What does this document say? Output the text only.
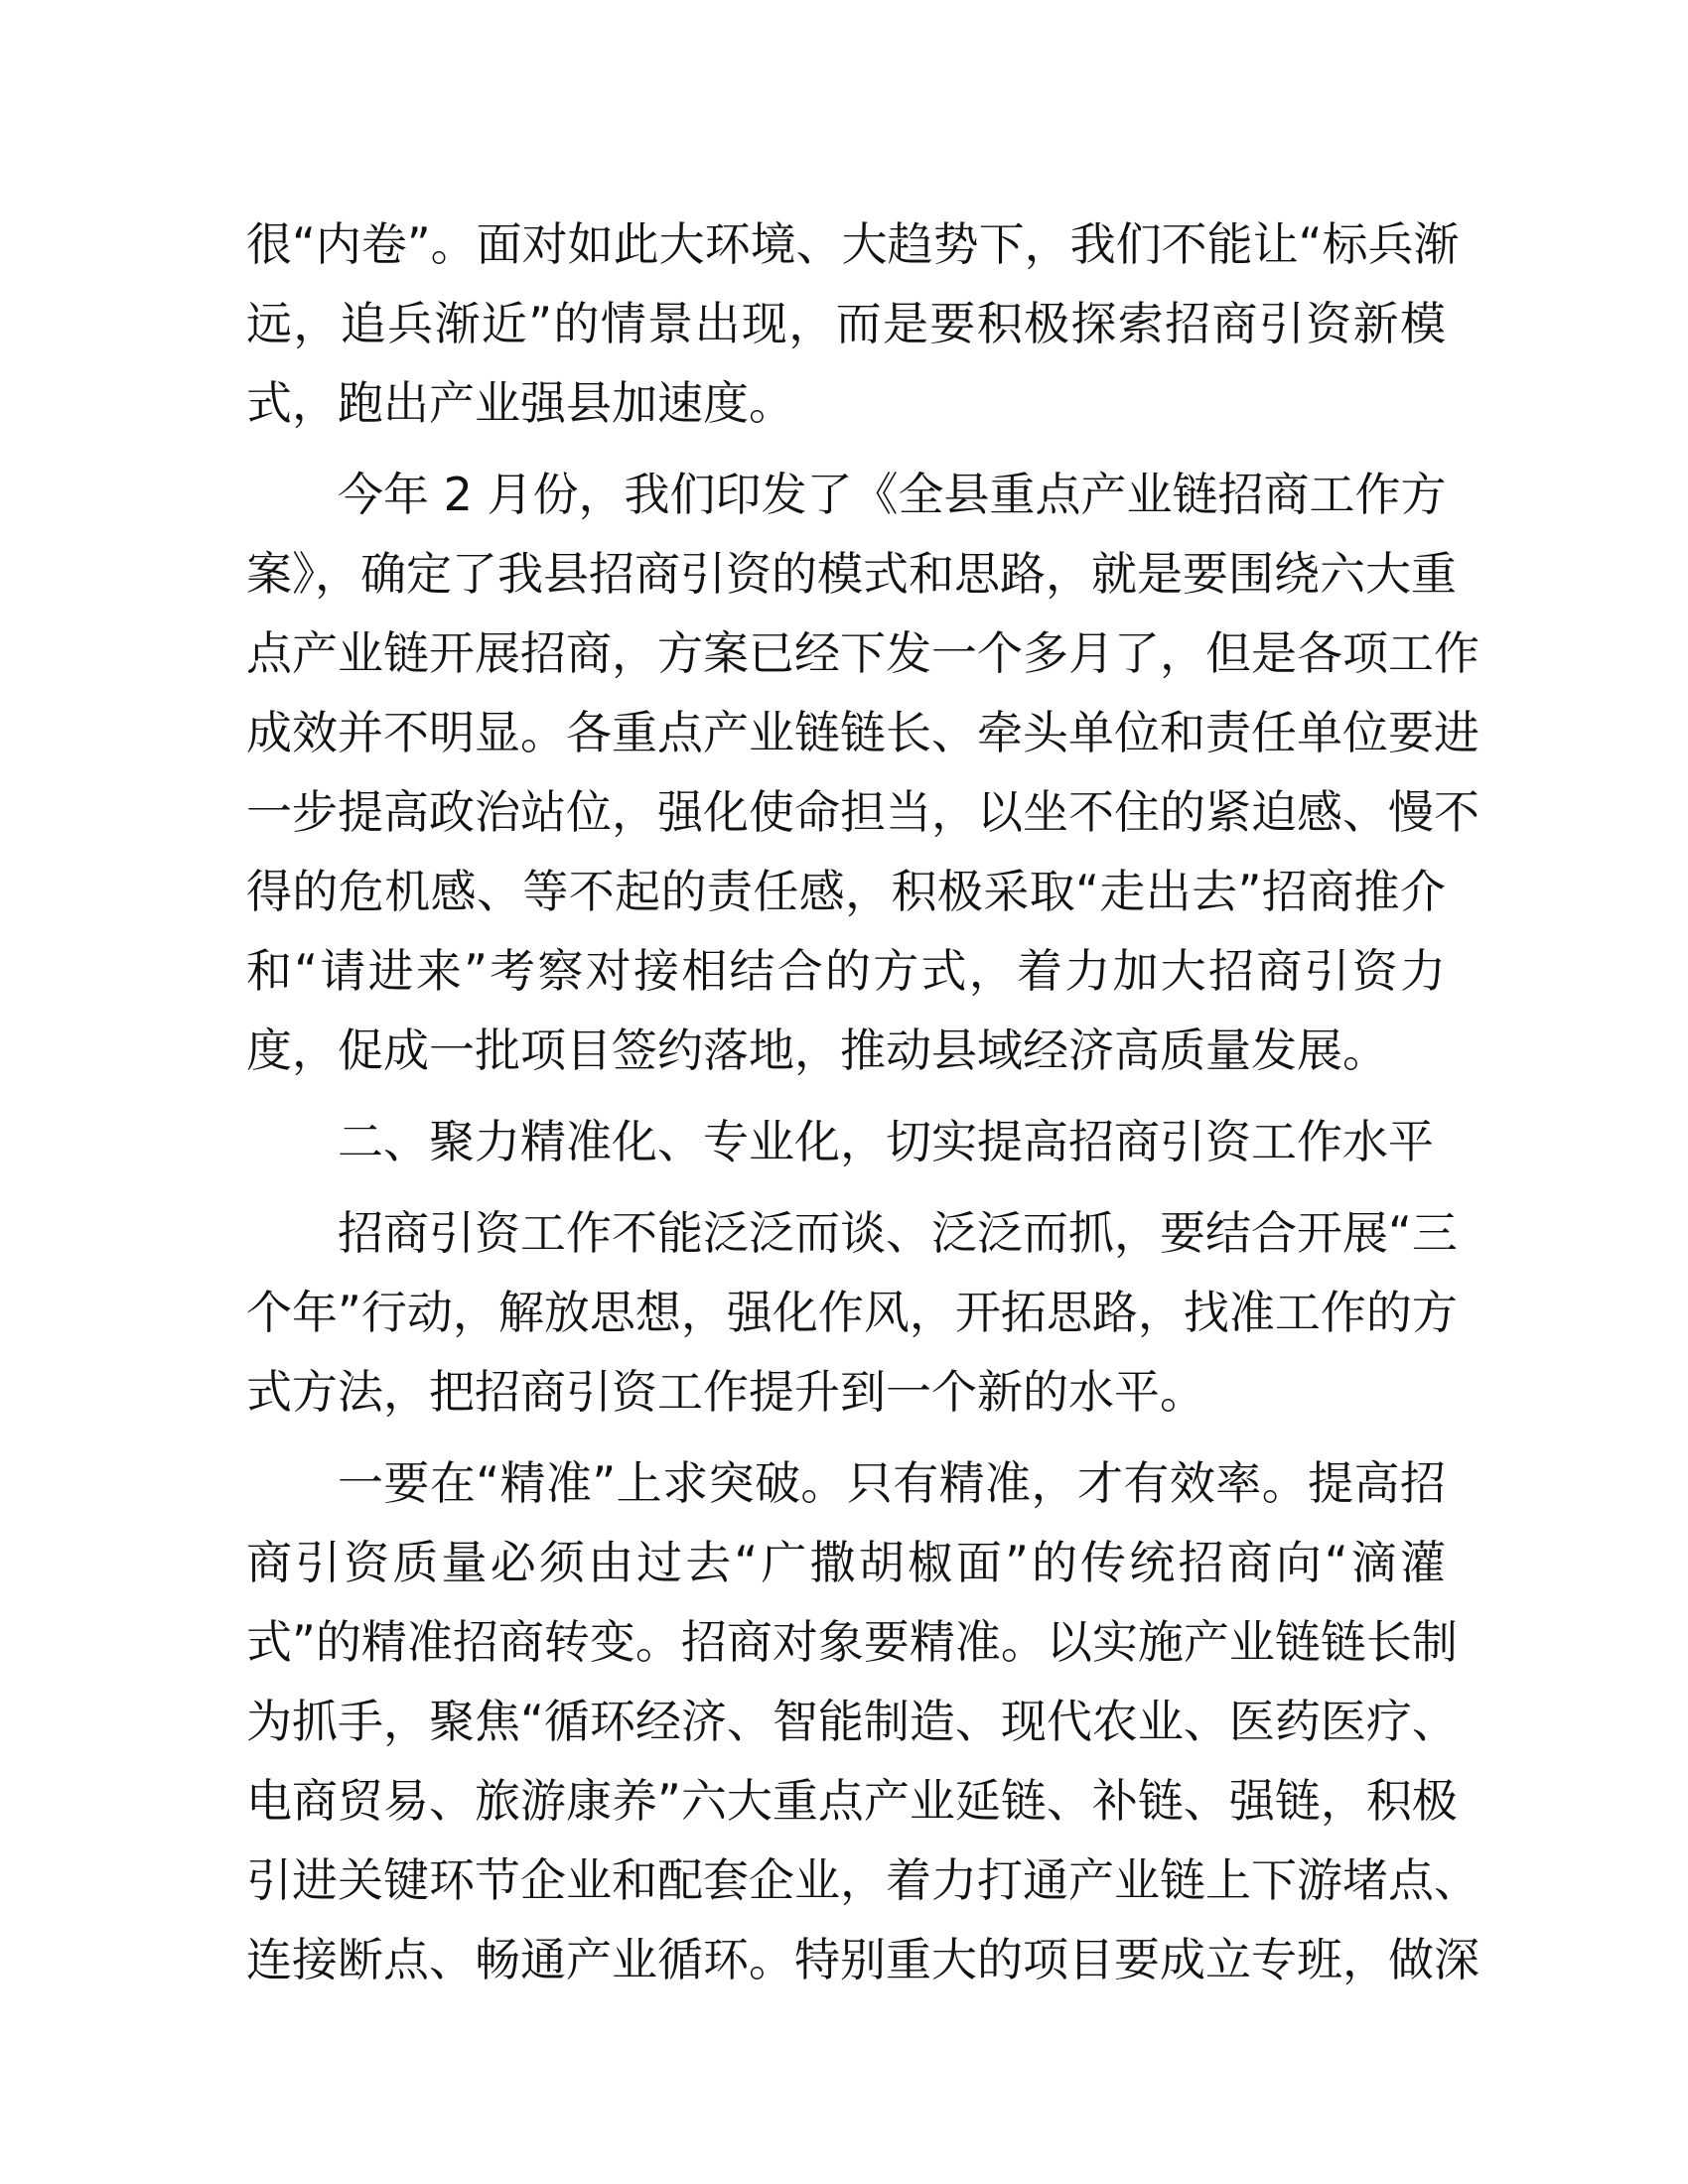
很“内卷”。面对如此大环境、大趋势下，我们不能让“标兵渐
远，追兵渐近”的情景出现，而是要积极探索招商引资新模
式，跑出产业强县加速度。
今年 2 月份，我们印发了《全县重点产业链招商工作方
案》，确定了我县招商引资的模式和思路，就是要围绕六大重
点产业链开展招商，方案已经下发一个多月了，但是各项工作
成效并不明显。各重点产业链链长、牵头单位和责任单位要进
一步提高政治站位，强化使命担当，以坐不住的紧迫感、慢不
得的危机感、等不起的责任感，积极采取“走出去”招商推介
和“请进来”考察对接相结合的方式，着力加大招商引资力
度，促成一批项目签约落地，推动县域经济高质量发展。
二、聚力精准化、专业化，切实提高招商引资工作水平
招商引资工作不能泛泛而谈、泛泛而抓，要结合开展“三
个年”行动，解放思想，强化作风，开拓思路，找准工作的方
式方法，把招商引资工作提升到一个新的水平。
一要在“精准”上求突破。只有精准，才有效率。提高招
商引资质量必须由过去“广撒胡椒面”的传统招商向“滴灌
式”的精准招商转变。招商对象要精准。以实施产业链链长制
为抓手，聚焦“循环经济、智能制造、现代农业、医药医疗、
电商贸易、旅游康养”六大重点产业延链、补链、强链，积极
引进关键环节企业和配套企业，着力打通产业链上下游堵点、
连接断点、畅通产业循环。特别重大的项目要成立专班，做深
